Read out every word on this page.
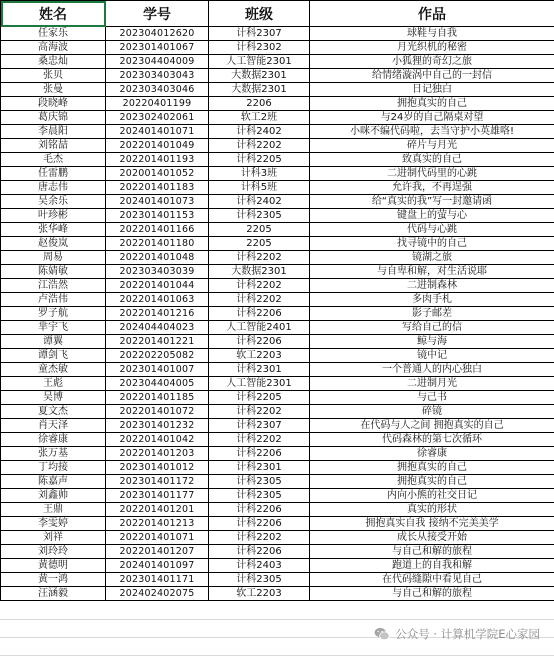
姓名	学号	班级	作品
任家乐	202304012620	计科2307	球鞋与自我
高海波	202301401067	计科2302	月光织机的秘密
桑忠灿	202304404009	人工智能2301	小狐狸的奇幻之旅
张贝	202303403043	大数据2301	给情绪漩涡中自己的一封信
张曼	202303403046	大数据2301	日记独白
段晓峰	20220401199	2206	拥抱真实的自己
葛庆锦	202302402061	软工2班	与24岁的自己隔桌对望
李晨阳	202401401071	计科2402	小咪不编代码啦，去当守护小英雄咯!
刘铭喆	202201401049	计科2202	碎片与月光
毛杰	202201401193	计科2205	致真实的自己
任雷鹏	202001401052	计科3班	二进制代码里的心跳
唐志伟	202201401183	计科5班	允许我，不再逞强
吴余乐	202401401073	计科2402	给“真实的我”写一封邀请函
叶珍彬	202301401153	计科2305	键盘上的萤与心
张华峰	202201401166	2205	代码与心跳
赵俊岚	202201401180	2205	找寻镜中的自己
周易	202201401048	计科2202	镜湖之旅
陈婧敏	202303403039	大数据2301	与自卑和解，对生活说耶
江浩然	202201401044	计科2202	二进制森林
卢浩伟	202201401063	计科2202	多肉手札
罗子航	202201401216	计科2206	影子邮差
芈宇飞	202404404023	人工智能2401	写给自己的信
谭翼	202201401221	计科2206	鲸与海
谭剑飞	202202205082	软工2203	镜中记
童杰敏	202301401007	计科2301	一个普通人的内心独白
王彪	202304404005	人工智能2301	二进制月光
吴博	202201401185	计科2205	与己书
夏文杰	202201401072	计科2202	碎镜
肖天泽	202301401232	计科2307	在代码与人之间 拥抱真实的自己
徐睿康	202201401042	计科2202	代码森林的第七次循环
张万基	202201401203	计科2206	徐睿康
丁均接	202301401012	计科2301	拥抱真实的自己
陈嘉声	202301401172	计科2305	拥抱真实的自己
刘鑫帅	202301401177	计科2305	内向小熊的社交日记
王鼎	202201401201	计科2206	真实的形状
李雯婷	202201401213	计科2206	拥抱真实自我 接纳不完美美学
刘祥	202201401071	计科2202	成长从接受开始
刘玲玲	202201401207	计科2206	与自己和解的旅程
黄德明	202401401097	计科2403	跑道上的自我和解
黄一鸿	202301401171	计科2305	在代码缝隙中看见自己
汪涵毅	202402402075	软工2203	与自己和解的旅程
公众号 · 计算机学院E心家园
